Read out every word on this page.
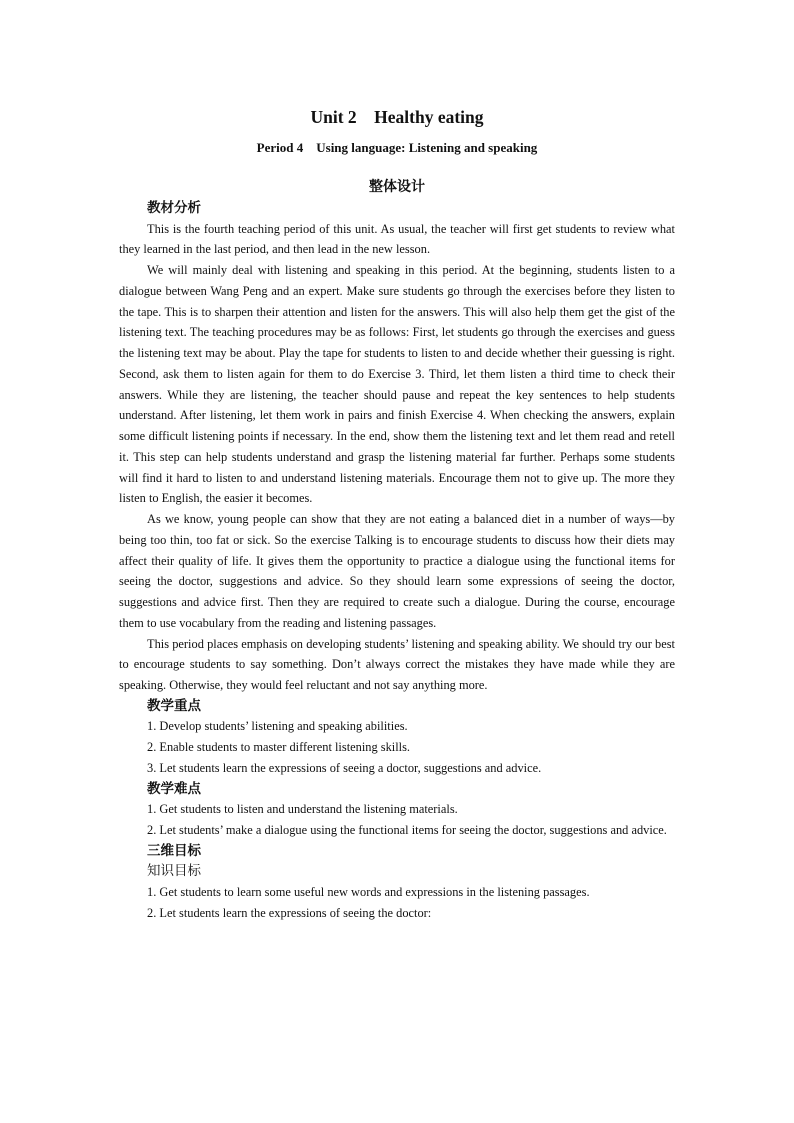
Unit 2    Healthy eating
Period 4    Using language: Listening and speaking
整体设计
教材分析

This is the fourth teaching period of this unit. As usual, the teacher will first get students to review what they learned in the last period, and then lead in the new lesson.

We will mainly deal with listening and speaking in this period. At the beginning, students listen to a dialogue between Wang Peng and an expert. Make sure students go through the exercises before they listen to the tape. This is to sharpen their attention and listen for the answers. This will also help them get the gist of the listening text. The teaching procedures may be as follows: First, let students go through the exercises and guess the listening text may be about. Play the tape for students to listen to and decide whether their guessing is right. Second, ask them to listen again for them to do Exercise 3. Third, let them listen a third time to check their answers. While they are listening, the teacher should pause and repeat the key sentences to help students understand. After listening, let them work in pairs and finish Exercise 4. When checking the answers, explain some difficult listening points if necessary. In the end, show them the listening text and let them read and retell it. This step can help students understand and grasp the listening material far further. Perhaps some students will find it hard to listen to and understand listening materials. Encourage them not to give up. The more they listen to English, the easier it becomes.

As we know, young people can show that they are not eating a balanced diet in a number of ways—by being too thin, too fat or sick. So the exercise Talking is to encourage students to discuss how their diets may affect their quality of life. It gives them the opportunity to practice a dialogue using the functional items for seeing the doctor, suggestions and advice. So they should learn some expressions of seeing the doctor, suggestions and advice first. Then they are required to create such a dialogue. During the course, encourage them to use vocabulary from the reading and listening passages.

This period places emphasis on developing students’ listening and speaking ability. We should try our best to encourage students to say something. Don’t always correct the mistakes they have made while they are speaking. Otherwise, they would feel reluctant and not say anything more.

教学重点

1. Develop students’ listening and speaking abilities.

2. Enable students to master different listening skills.

3. Let students learn the expressions of seeing a doctor, suggestions and advice.

教学难点

1. Get students to listen and understand the listening materials.

2. Let students’ make a dialogue using the functional items for seeing the doctor, suggestions and advice.

三维目标
知识目标

1. Get students to learn some useful new words and expressions in the listening passages.

2. Let students learn the expressions of seeing the doctor:
